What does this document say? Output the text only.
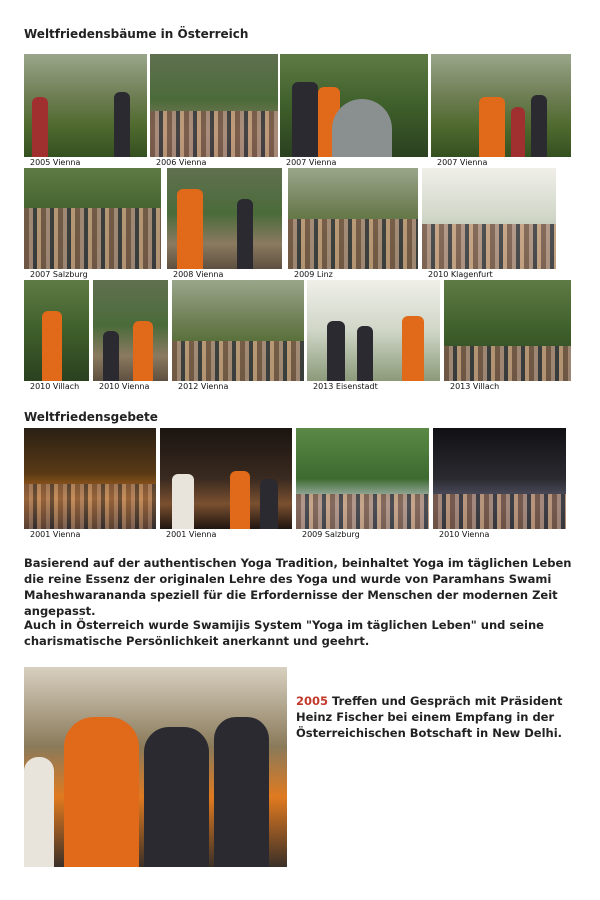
Weltfriedensbäume in Österreich
2005 Vienna	2006 Vienna	2007 Vienna	2007 Vienna
2007 Salzburg	2008 Vienna	2009 Linz	2010 Klagenfurt
2010 Villach	2010 Vienna	2012 Vienna	2013 Eisenstadt	2013 Villach
Weltfriedensgebete
2001 Vienna	2001 Vienna	2009 Salzburg	2010 Vienna

Basierend auf der authentischen Yoga Tradition, beinhaltet Yoga im täglichen Leben die reine Essenz der originalen Lehre des Yoga und wurde von Paramhans Swami Maheshwarananda speziell für die Erfordernisse der Menschen der modernen Zeit angepasst.

Auch in Österreich wurde Swamijis System "Yoga im täglichen Leben" und seine charismatische Persönlichkeit anerkannt und geehrt.

2005 Treffen und Gespräch mit Präsident Heinz Fischer bei einem Empfang in der Österreichischen Botschaft in New Delhi.
